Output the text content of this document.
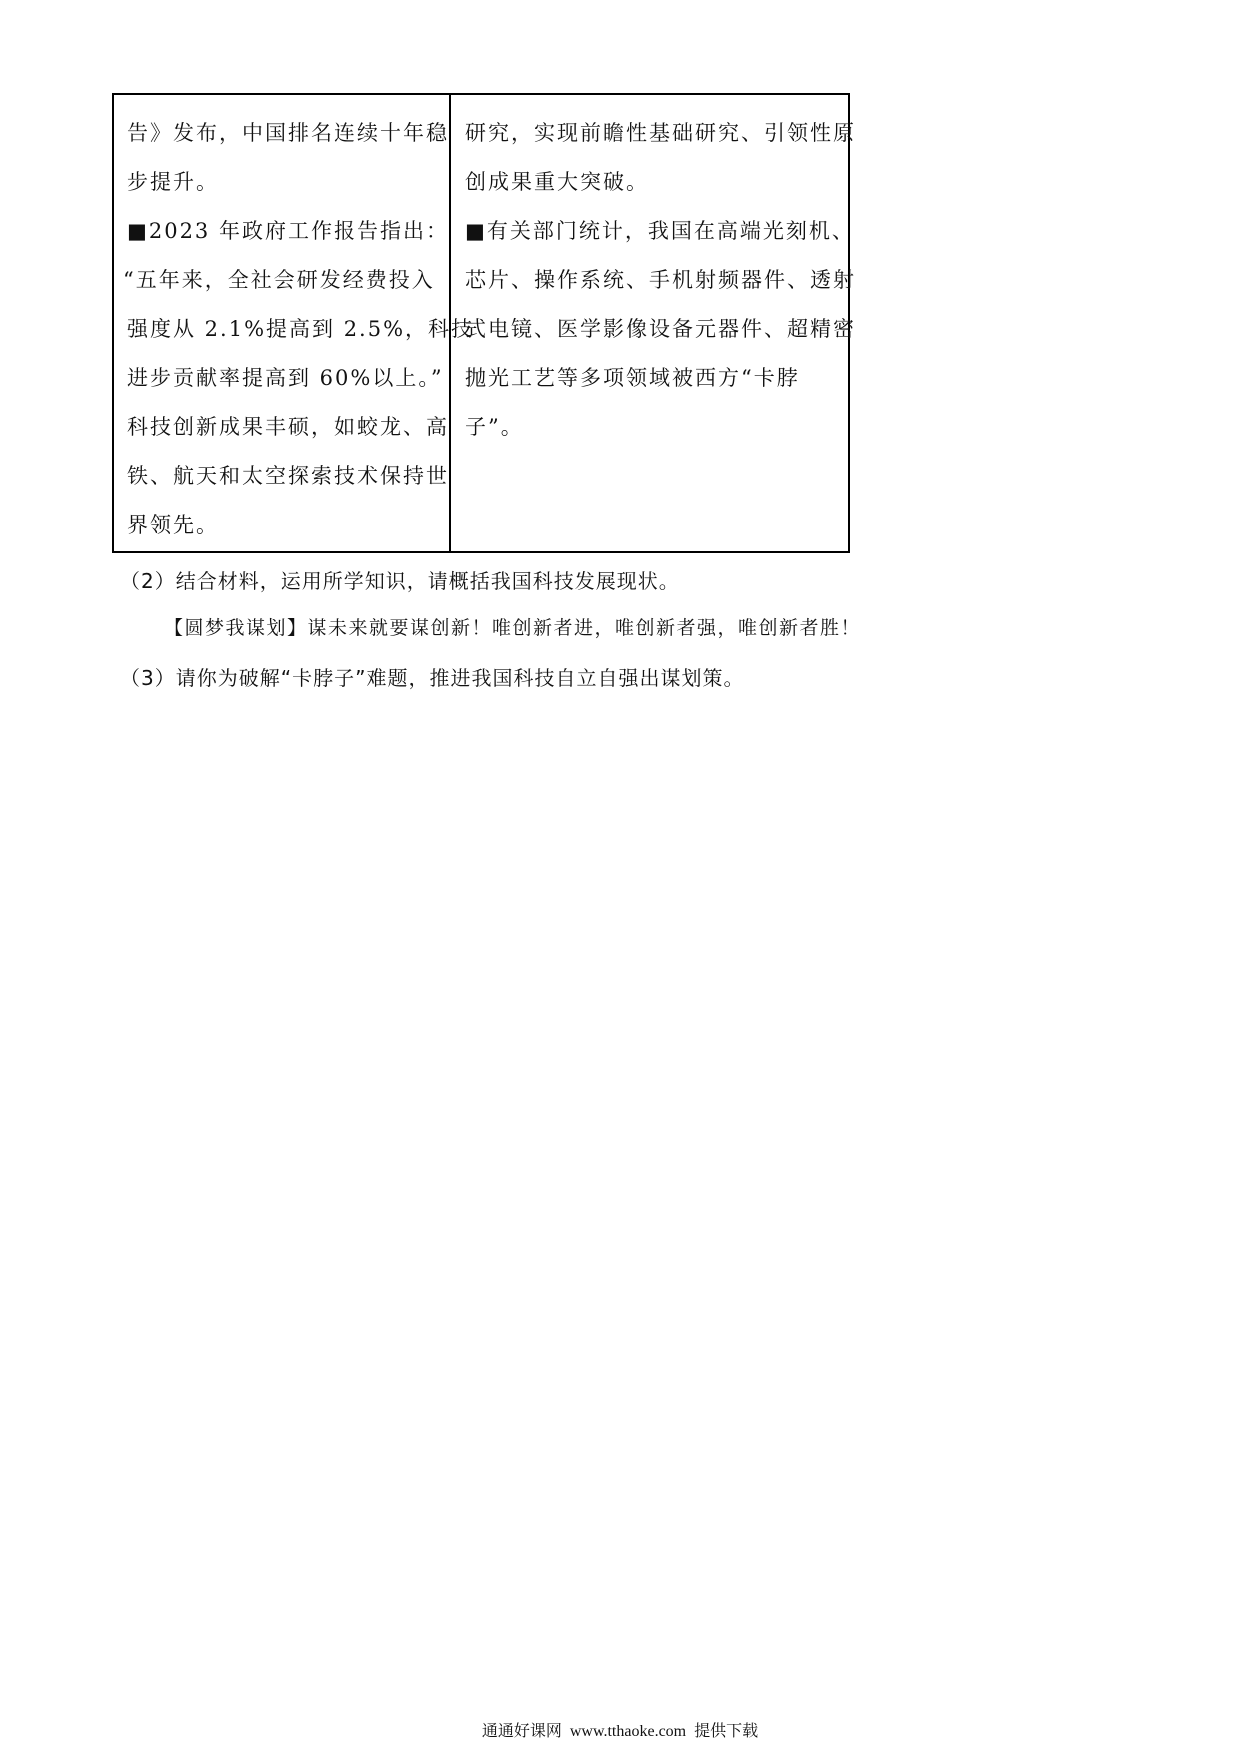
告》发布，中国排名连续十年稳
步提升。
■2023 年政府工作报告指出：
“五年来，全社会研发经费投入
强度从 2.1%提高到 2.5%，科技
进步贡献率提高到 60%以上。”
科技创新成果丰硕，如蛟龙、高
铁、航天和太空探索技术保持世
界领先。
研究，实现前瞻性基础研究、引领性原
创成果重大突破。
■有关部门统计，我国在高端光刻机、
芯片、操作系统、手机射频器件、透射
式电镜、医学影像设备元器件、超精密
抛光工艺等多项领域被西方“卡脖
子”。
（2）结合材料，运用所学知识，请概括我国科技发展现状。
【圆梦我谋划】谋未来就要谋创新！唯创新者进，唯创新者强，唯创新者胜！
（3）请你为破解“卡脖子”难题，推进我国科技自立自强出谋划策。
通通好课网 www.tthaoke.com 提供下载
